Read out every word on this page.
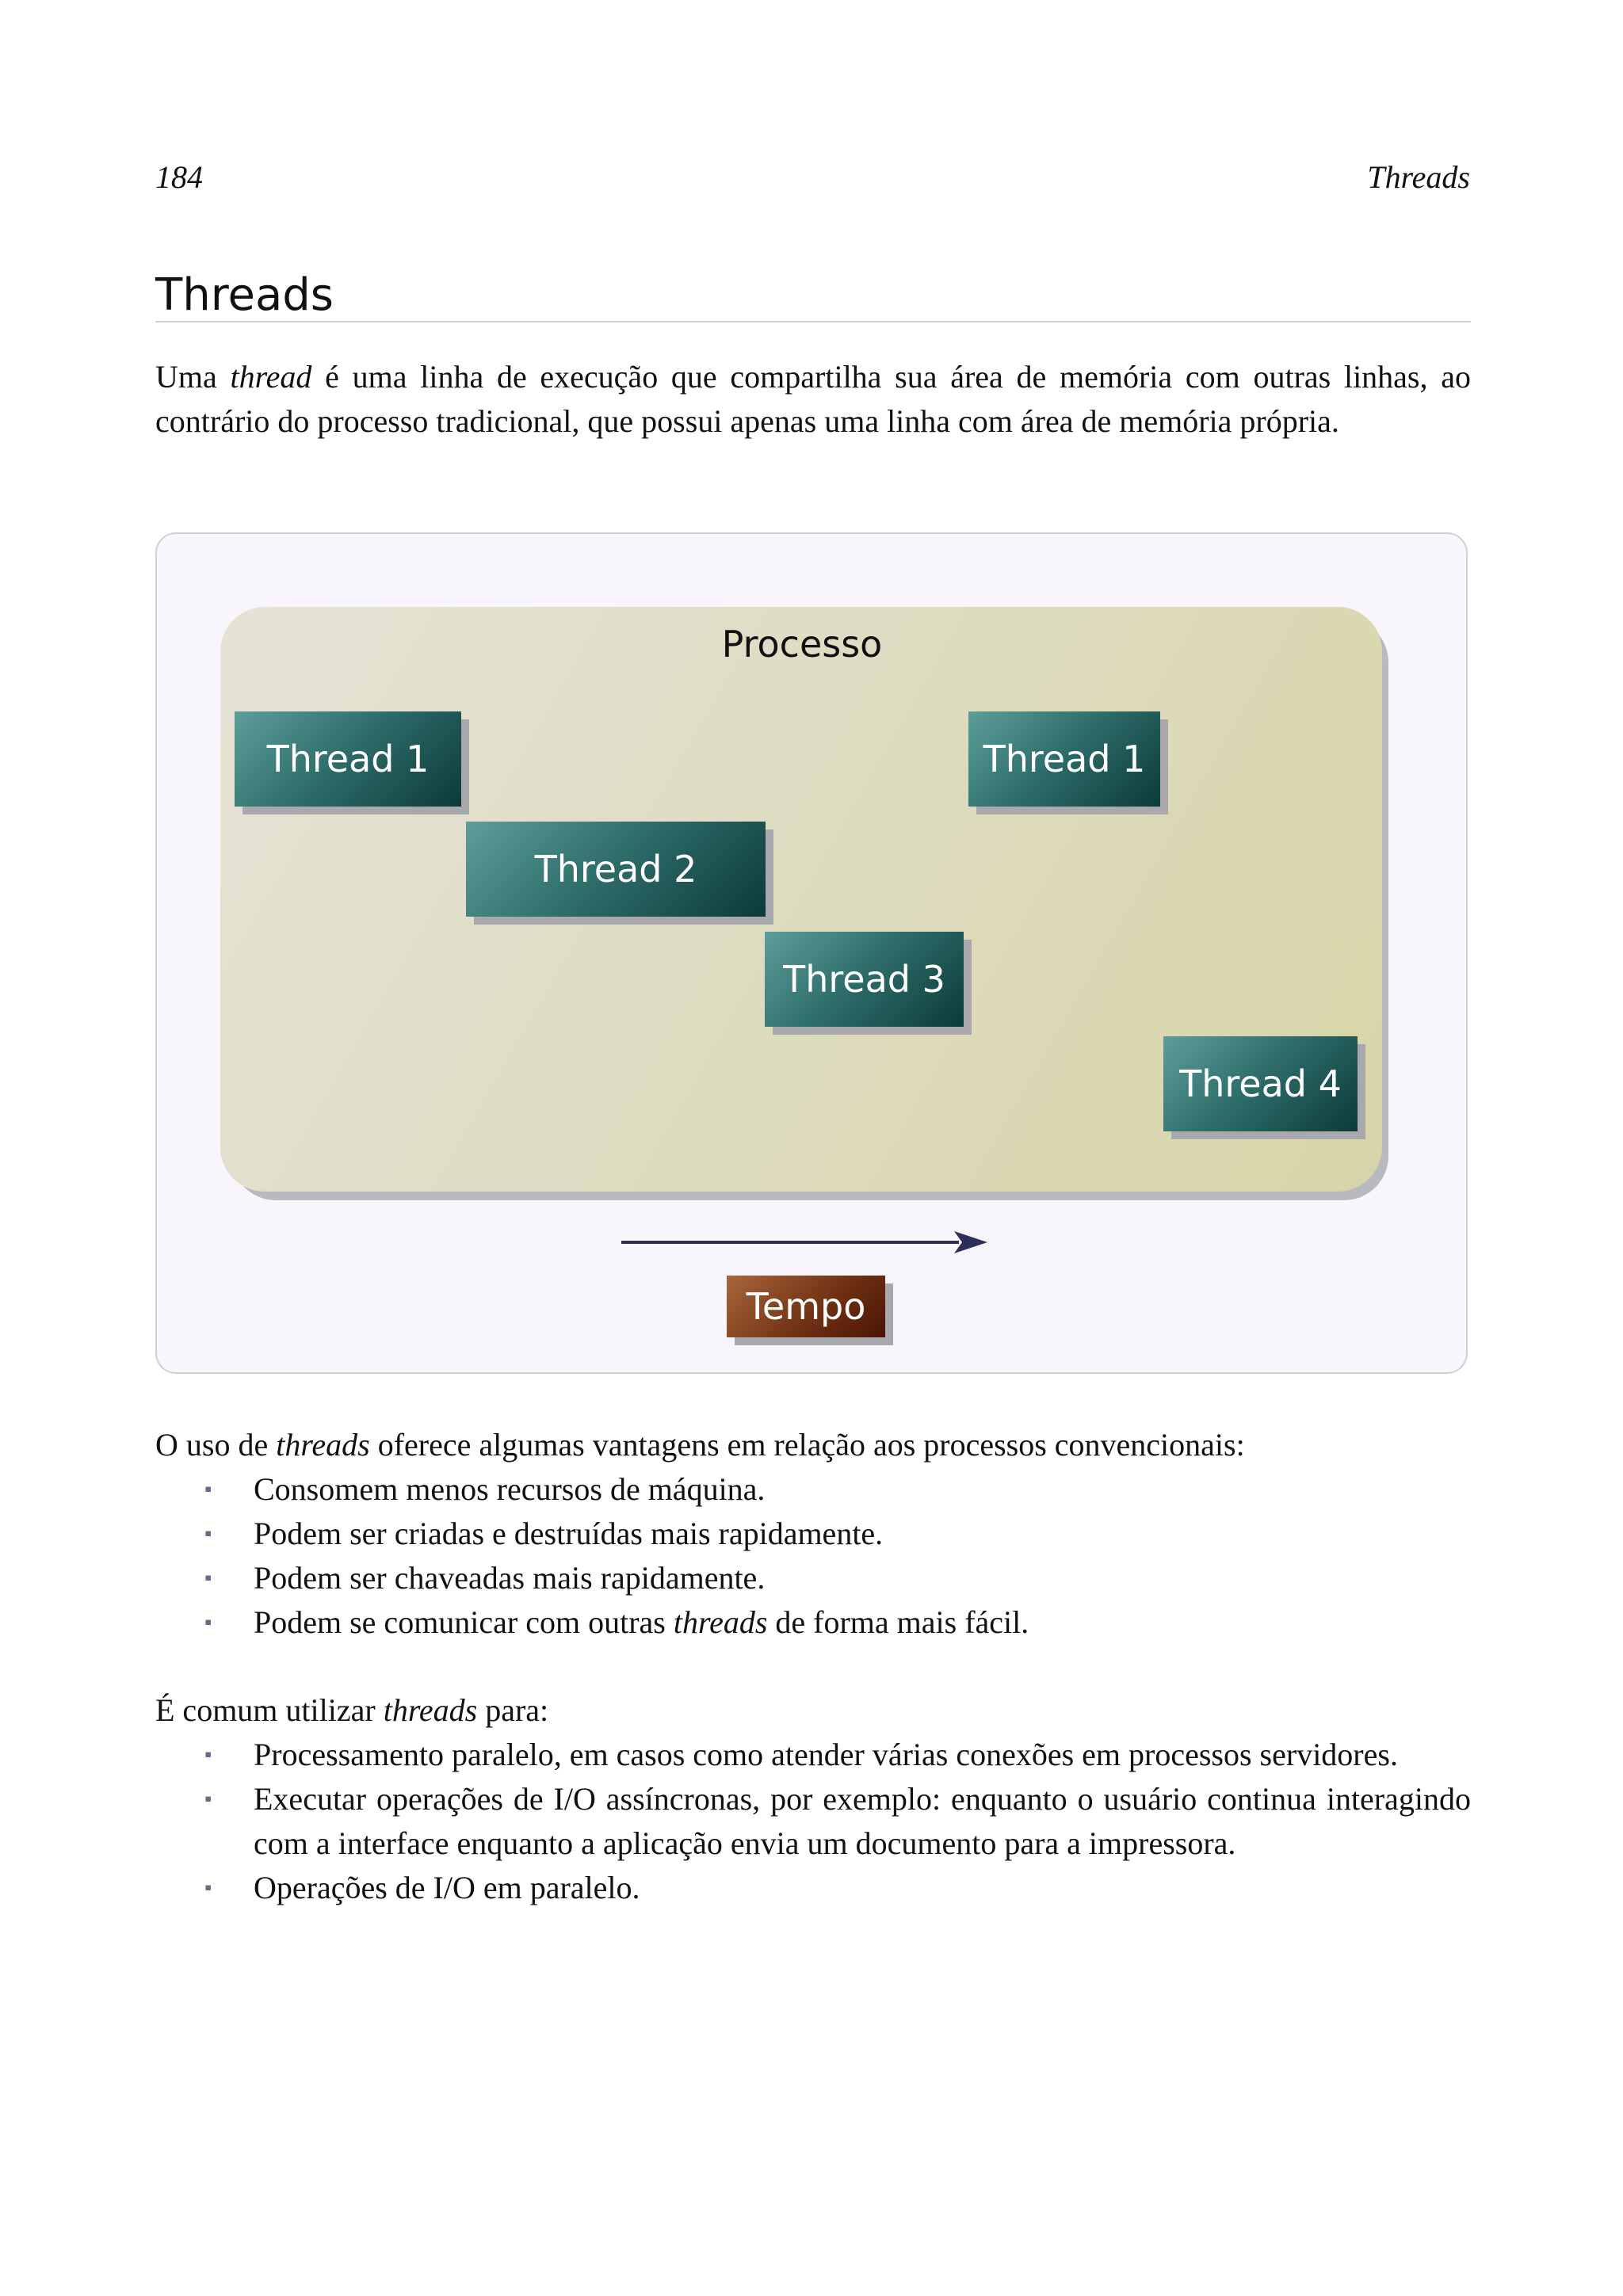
184	Threads
Threads

Uma thread é uma linha de execução que compartilha sua área de memória com outras linhas, ao contrário do processo tradicional, que possui apenas uma linha com área de memória própria.

Processo
Thread 1	Thread 1
Thread 2
Thread 3
Thread 4
Tempo

O uso de threads oferece algumas vantagens em relação aos processos convencionais:

▪ Consomem menos recursos de máquina.
▪ Podem ser criadas e destruídas mais rapidamente.
▪ Podem ser chaveadas mais rapidamente.
▪ Podem se comunicar com outras threads de forma mais fácil.

É comum utilizar threads para:

▪ Processamento paralelo, em casos como atender várias conexões em processos servidores.
▪ Executar operações de I/O assíncronas, por exemplo: enquanto o usuário continua interagindo com a interface enquanto a aplicação envia um documento para a impressora.
▪ Operações de I/O em paralelo.
